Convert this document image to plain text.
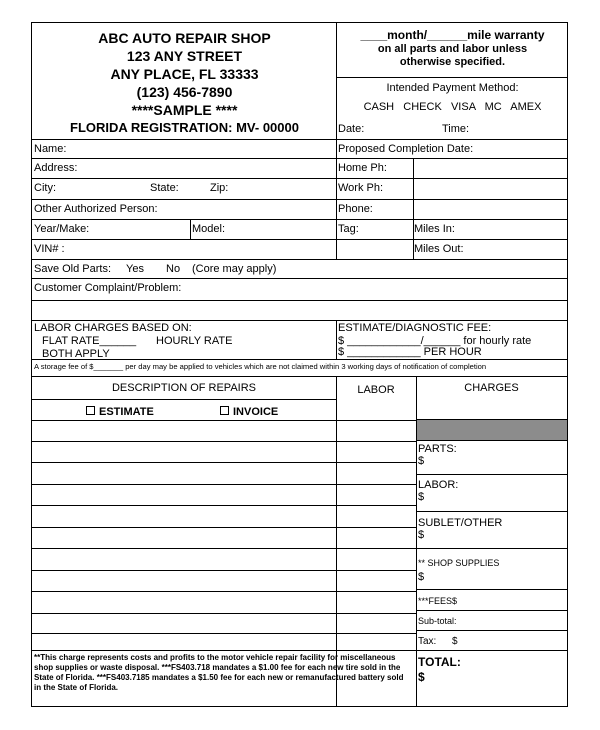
ABC AUTO REPAIR SHOP
123 ANY STREET
ANY PLACE, FL 33333
(123) 456-7890
****SAMPLE ****
FLORIDA REGISTRATION: MV- 00000
____month/______mile warranty
on all parts and labor unless
otherwise specified.
Intended Payment Method:
CASH   CHECK   VISA   MC   AMEX
Date:	Time:
Name:	Proposed Completion Date:
Address:	Home Ph:
City:	State:	Zip:	Work Ph:
Other Authorized Person:	Phone:
Year/Make:	Model:	Tag:	Miles In:
VIN# :	Miles Out:
Save Old Parts: Yes No (Core may apply)
Customer Complaint/Problem:
LABOR CHARGES BASED ON:
FLAT RATE______ HOURLY RATE
BOTH APPLY
ESTIMATE/DIAGNOSTIC FEE:
$ ____________/______ for hourly rate
$ ____________ PER HOUR
A storage fee of $_______ per day may be applied to vehicles which are not claimed within 3 working days of notification of completion
DESCRIPTION OF REPAIRS	LABOR	CHARGES
ESTIMATE	INVOICE
PARTS:
$
LABOR:
$
SUBLET/OTHER
$
** SHOP SUPPLIES
$
***FEES$
Sub-total:
Tax: $
TOTAL:
$
**This charge represents costs and profits to the motor vehicle repair facility for miscellaneous shop supplies or waste disposal. ***FS403.718 mandates a $1.00 fee for each new tire sold in the State of Florida. ***FS403.7185 mandates a $1.50 fee for each new or remanufactured battery sold in the State of Florida.
